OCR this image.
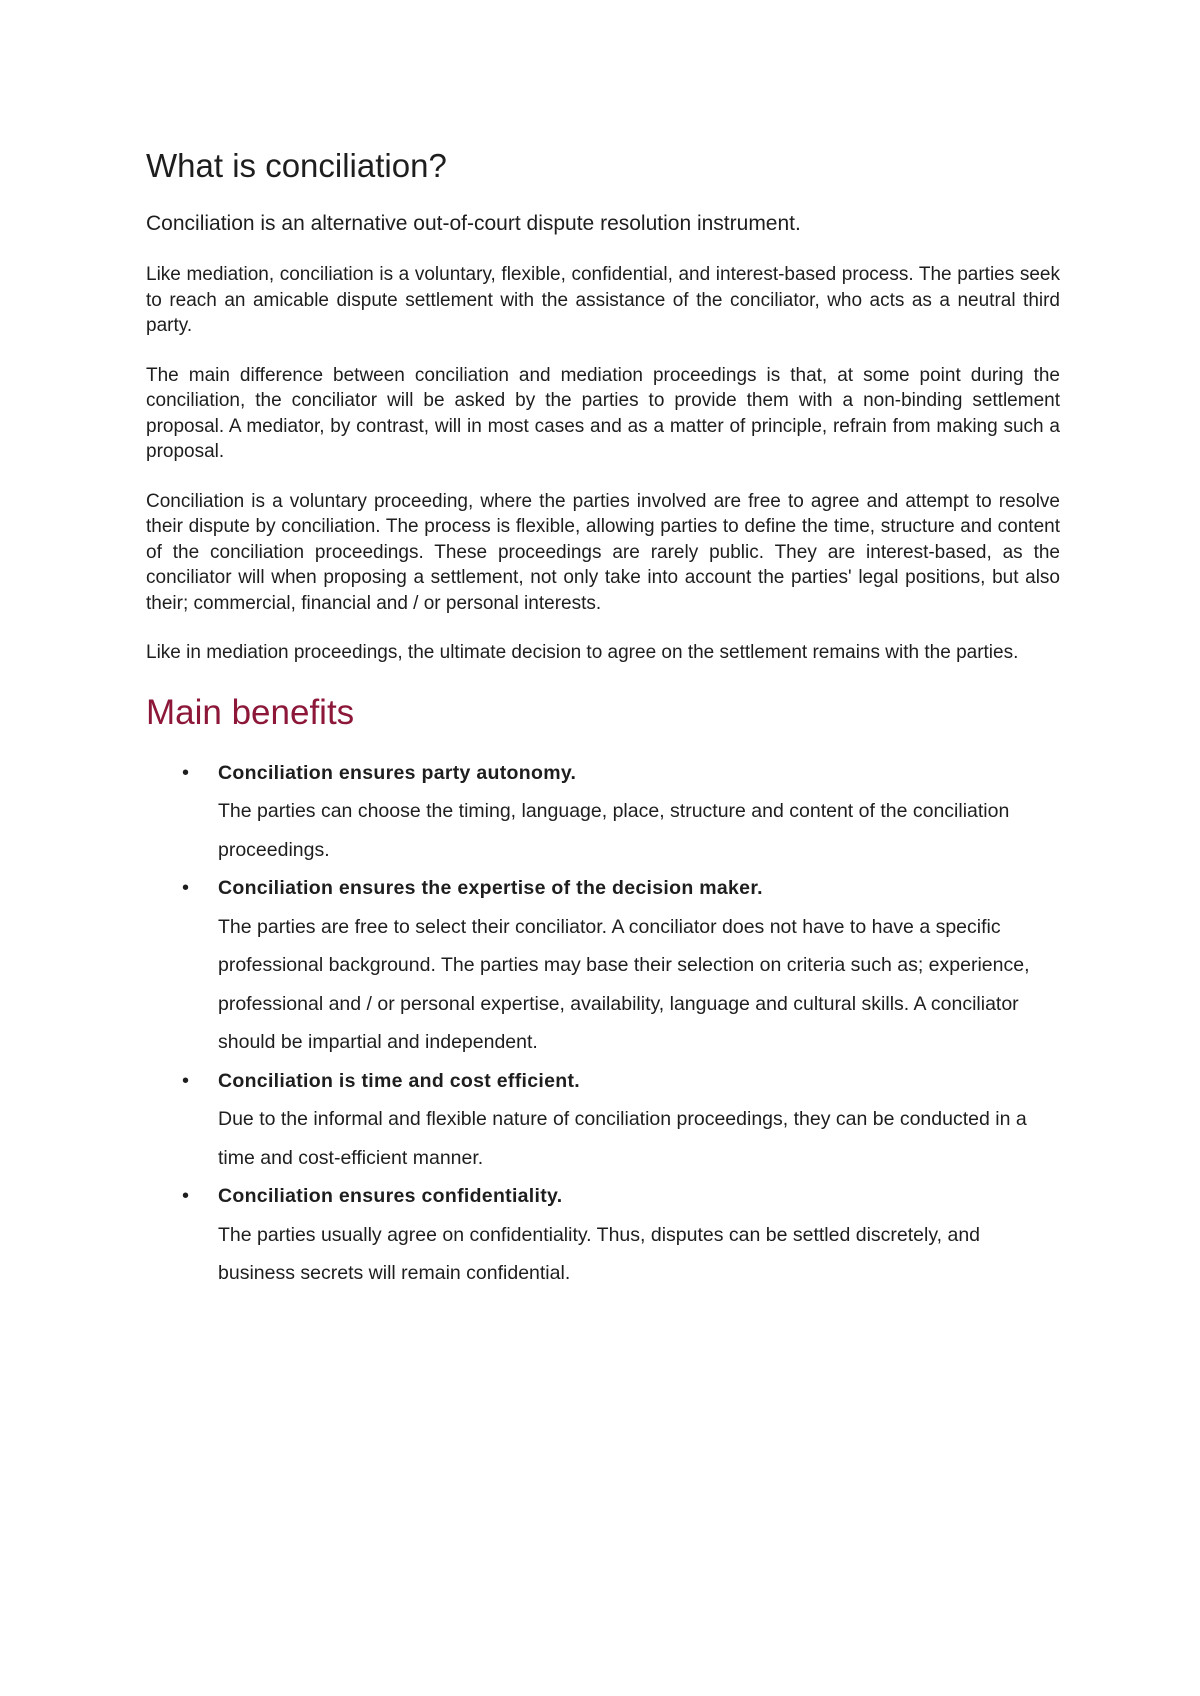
What is conciliation?

Conciliation is an alternative out-of-court dispute resolution instrument.

Like mediation, conciliation is a voluntary, flexible, confidential, and interest-based process. The parties seek to reach an amicable dispute settlement with the assistance of the conciliator, who acts as a neutral third party.

The main difference between conciliation and mediation proceedings is that, at some point during the conciliation, the conciliator will be asked by the parties to provide them with a non-binding settlement proposal. A mediator, by contrast, will in most cases and as a matter of principle, refrain from making such a proposal.

Conciliation is a voluntary proceeding, where the parties involved are free to agree and attempt to resolve their dispute by conciliation. The process is flexible, allowing parties to define the time, structure and content of the conciliation proceedings. These proceedings are rarely public. They are interest-based, as the conciliator will when proposing a settlement, not only take into account the parties' legal positions, but also their; commercial, financial and / or personal interests.

Like in mediation proceedings, the ultimate decision to agree on the settlement remains with the parties.

Main benefits
• Conciliation ensures party autonomy.
The parties can choose the timing, language, place, structure and content of the conciliation proceedings.
• Conciliation ensures the expertise of the decision maker.
The parties are free to select their conciliator. A conciliator does not have to have a specific professional background. The parties may base their selection on criteria such as; experience, professional and / or personal expertise, availability, language and cultural skills. A conciliator should be impartial and independent.
• Conciliation is time and cost efficient.
Due to the informal and flexible nature of conciliation proceedings, they can be conducted in a time and cost-efficient manner.
• Conciliation ensures confidentiality.
The parties usually agree on confidentiality. Thus, disputes can be settled discretely, and business secrets will remain confidential.
